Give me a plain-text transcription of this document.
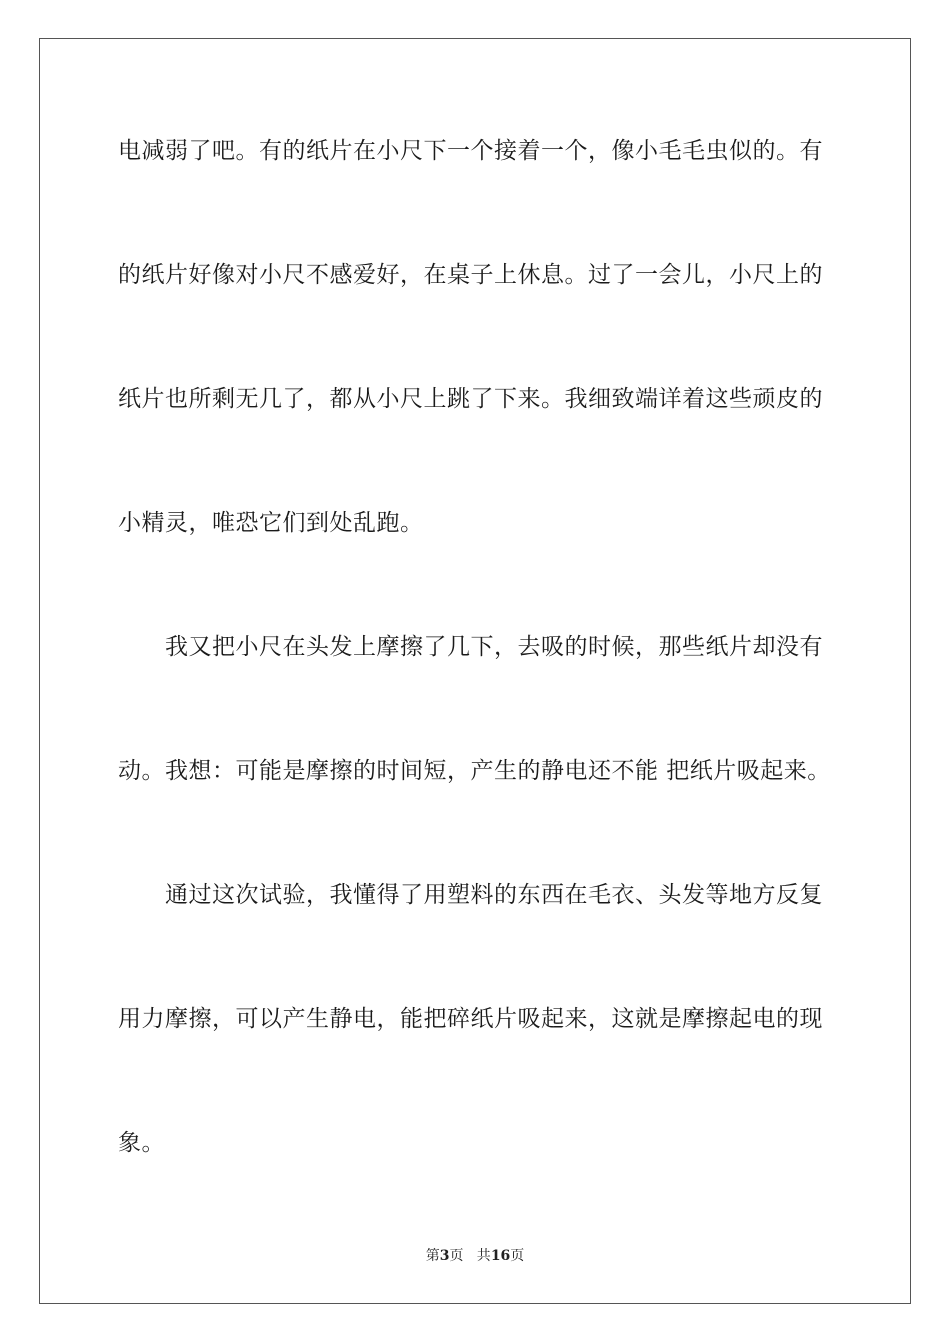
电减弱了吧。有的纸片在小尺下一个接着一个，像小毛毛虫似的。有
的纸片好像对小尺不感爱好，在桌子上休息。过了一会儿，小尺上的
纸片也所剩无几了，都从小尺上跳了下来。我细致端详着这些顽皮的
小精灵，唯恐它们到处乱跑。
我又把小尺在头发上摩擦了几下，去吸的时候，那些纸片却没有
动。我想：可能是摩擦的时间短，产生的静电还不能 把纸片吸起来。
通过这次试验，我懂得了用塑料的东西在毛衣、头发等地方反复
用力摩擦，可以产生静电，能把碎纸片吸起来，这就是摩擦起电的现
象。
第3页   共16页
